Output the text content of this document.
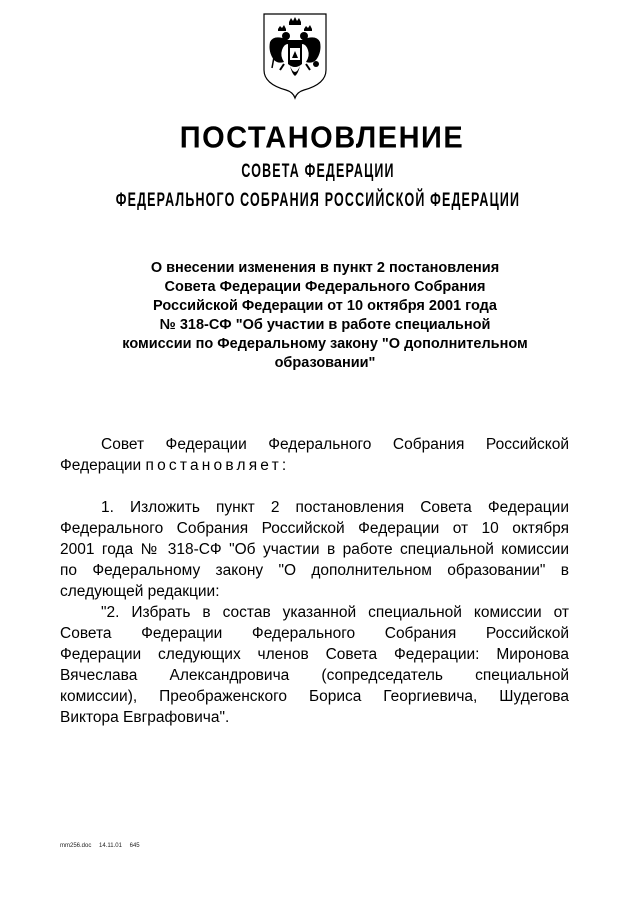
ПОСТАНОВЛЕНИЕ
СОВЕТА ФЕДЕРАЦИИ
ФЕДЕРАЛЬНОГО СОБРАНИЯ РОССИЙСКОЙ ФЕДЕРАЦИИ

О внесении изменения в пункт 2 постановления
Совета Федерации Федерального Собрания
Российской Федерации от 10 октября 2001 года
№ 318-СФ "Об участии в работе специальной
комиссии по Федеральному закону "О дополнительном
образовании"

Совет Федерации Федерального Собрания Российской
Федерации постановляет:
1. Изложить пункт 2 постановления Совета Федерации
Федерального Собрания Российской Федерации от 10 октября
2001 года № 318-СФ "Об участии в работе специальной комиссии
по Федеральному закону "О дополнительном образовании" в
следующей редакции:
"2. Избрать в состав указанной специальной комиссии от
Совета Федерации Федерального Собрания Российской
Федерации следующих членов Совета Федерации: Миронова
Вячеслава Александровича (сопредседатель специальной
комиссии), Преображенского Бориса Георгиевича, Шудегова
Виктора Евграфовича".
mm256.doc 14.11.01 645
